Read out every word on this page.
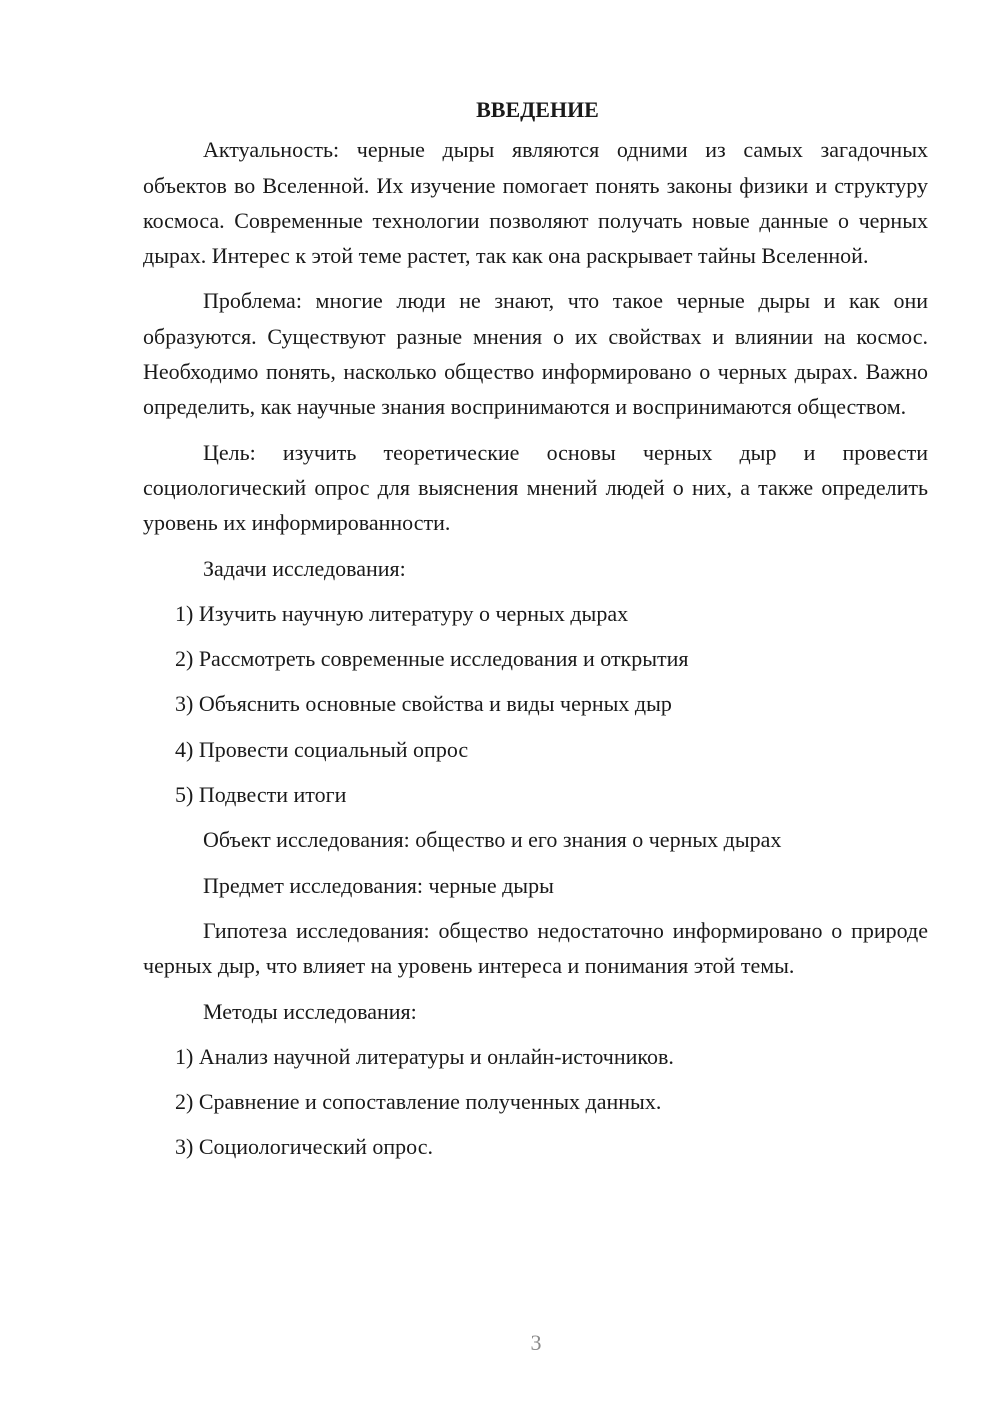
ВВЕДЕНИЕ

Актуальность: черные дыры являются одними из самых загадочных объектов во Вселенной. Их изучение помогает понять законы физики и структуру космоса. Современные технологии позволяют получать новые данные о черных дырах. Интерес к этой теме растет, так как она раскрывает тайны Вселенной.

Проблема: многие люди не знают, что такое черные дыры и как они образуются. Существуют разные мнения о их свойствах и влиянии на космос. Необходимо понять, насколько общество информировано о черных дырах. Важно определить, как научные знания воспринимаются и воспринимаются обществом.

Цель: изучить теоретические основы черных дыр и провести социологический опрос для выяснения мнений людей о них, а также определить уровень их информированности.

Задачи исследования:

1) Изучить научную литературу о черных дырах

2) Рассмотреть современные исследования и открытия

3) Объяснить основные свойства и виды черных дыр

4) Провести социальный опрос

5) Подвести итоги

Объект исследования: общество и его знания о черных дырах

Предмет исследования: черные дыры

Гипотеза исследования: общество недостаточно информировано о природе черных дыр, что влияет на уровень интереса и понимания этой темы.

Методы исследования:

1) Анализ научной литературы и онлайн-источников.

2) Сравнение и сопоставление полученных данных.

3) Социологический опрос.

3
